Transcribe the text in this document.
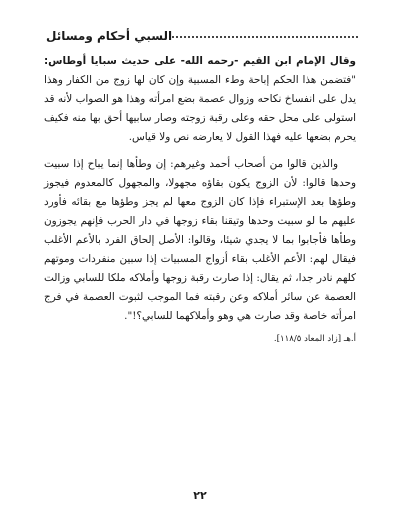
السبي أحكام ومسائل

وقال الإمام ابن القيم -رحمه الله- على حديث سبايا أوطاس: "فتضمن هذا الحكم إباحة وطء المسبية وإن كان لها زوج من الكفار وهذا يدل على انفساخ نكاحه وزوال عصمة بضع امرأته وهذا هو الصواب لأنه قد استولى على محل حقه وعلى رقبة زوجته وصار سابيها أحق بها منه فكيف يحرم بضعها عليه فهذا القول لا يعارضه نص ولا قياس.

والذين قالوا من أصحاب أحمد وغيرهم: إن وطأها إنما يباح إذا سبيت وحدها قالوا: لأن الزوج يكون بقاؤه مجهولا، والمجهول كالمعدوم فيجوز وطؤها بعد الإستبراء فإذا كان الزوج معها لم يجز وطؤها مع بقائه فأورد عليهم ما لو سبيت وحدها وتيقنا بقاء زوجها في دار الحرب فإنهم يجوزون وطأها فأجابوا بما لا يجدي شيئا، وقالوا: الأصل إلحاق الفرد بالأعم الأغلب فيقال لهم: الأعم الأغلب بقاء أزواج المسبيات إذا سبين منفردات وموتهم كلهم نادر جدا، ثم يقال: إذا صارت رقبة زوجها وأملاكه ملكا للسابي وزالت العصمة عن سائر أملاكه وعن رقبته فما الموجب لثبوت العصمة في فرج امرأته خاصة وقد صارت هي وهو وأملاكهما للسابي؟!".

أ.هـ [زاد المعاد ١١٨/٥].

٢٢
